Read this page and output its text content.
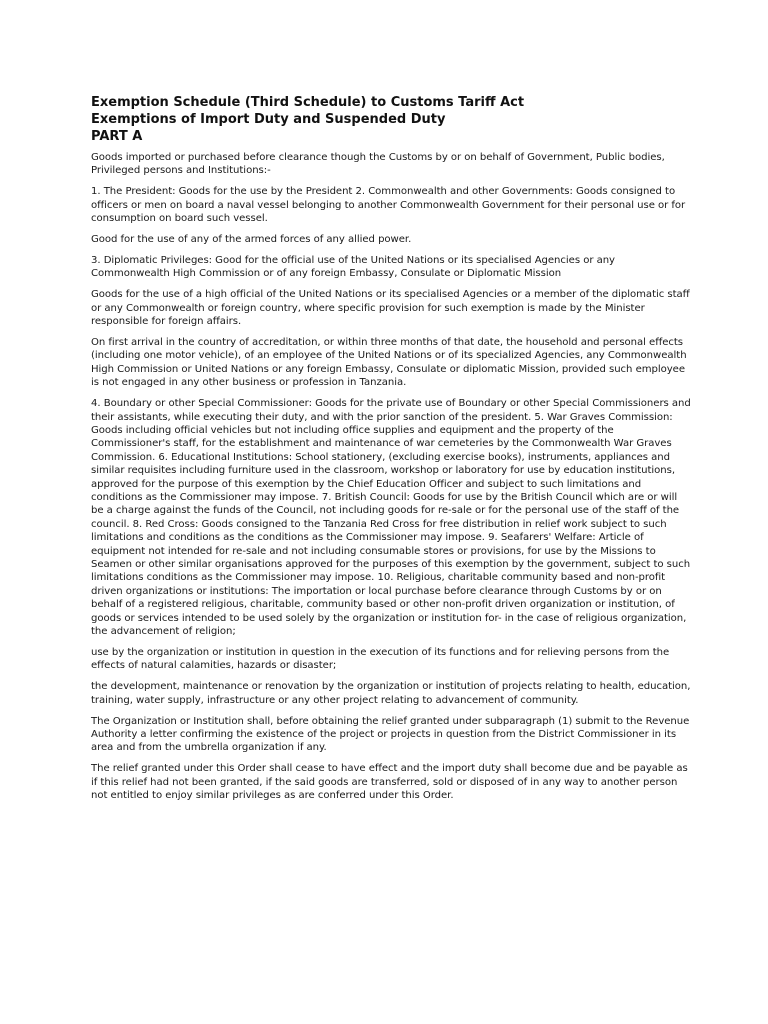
Exemption Schedule (Third Schedule) to Customs Tariff Act

Exemptions of Import Duty and Suspended Duty

PART A

Goods imported or purchased before clearance though the Customs by or on behalf of Government, Public bodies, Privileged persons and Institutions:-

1. The President: Goods for the use by the President 2. Commonwealth and other Governments: Goods consigned to officers or men on board a naval vessel belonging to another Commonwealth Government for their personal use or for consumption on board such vessel.

Good for the use of any of the armed forces of any allied power.

3. Diplomatic Privileges: Good for the official use of the United Nations or its specialised Agencies or any Commonwealth High Commission or of any foreign Embassy, Consulate or Diplomatic Mission

Goods for the use of a high official of the United Nations or its specialised Agencies or a member of the diplomatic staff or any Commonwealth or foreign country, where specific provision for such exemption is made by the Minister responsible for foreign affairs.

On first arrival in the country of accreditation, or within three months of that date, the household and personal effects (including one motor vehicle), of an employee of the United Nations or of its specialized Agencies, any Commonwealth High Commission or United Nations or any foreign Embassy, Consulate or diplomatic Mission, provided such employee is not engaged in any other business or profession in Tanzania.

4. Boundary or other Special Commissioner: Goods for the private use of Boundary or other Special Commissioners and their assistants, while executing their duty, and with the prior sanction of the president. 5. War Graves Commission: Goods including official vehicles but not including office supplies and equipment and the property of the Commissioner's staff, for the establishment and maintenance of war cemeteries by the Commonwealth War Graves Commission. 6. Educational Institutions: School stationery, (excluding exercise books), instruments, appliances and similar requisites including furniture used in the classroom, workshop or laboratory for use by education institutions, approved for the purpose of this exemption by the Chief Education Officer and subject to such limitations and conditions as the Commissioner may impose. 7. British Council: Goods for use by the British Council which are or will be a charge against the funds of the Council, not including goods for re-sale or for the personal use of the staff of the council. 8. Red Cross: Goods consigned to the Tanzania Red Cross for free distribution in relief work subject to such limitations and conditions as the conditions as the Commissioner may impose. 9. Seafarers' Welfare: Article of equipment not intended for re-sale and not including consumable stores or provisions, for use by the Missions to Seamen or other similar organisations approved for the purposes of this exemption by the government, subject to such limitations conditions as the Commissioner may impose. 10. Religious, charitable community based and non-profit driven organizations or institutions: The importation or local purchase before clearance through Customs by or on behalf of a registered religious, charitable, community based or other non-profit driven organization or institution, of goods or services intended to be used solely by the organization or institution for- in the case of religious organization, the advancement of religion;

use by the organization or institution in question in the execution of its functions and for relieving persons from the effects of natural calamities, hazards or disaster;

the development, maintenance or renovation by the organization or institution of projects relating to health, education, training, water supply, infrastructure or any other project relating to advancement of community.

The Organization or Institution shall, before obtaining the relief granted under subparagraph (1) submit to the Revenue Authority a letter confirming the existence of the project or projects in question from the District Commissioner in its area and from the umbrella organization if any.

The relief granted under this Order shall cease to have effect and the import duty shall become due and be payable as if this relief had not been granted, if the said goods are transferred, sold or disposed of in any way to another person not entitled to enjoy similar privileges as are conferred under this Order.
